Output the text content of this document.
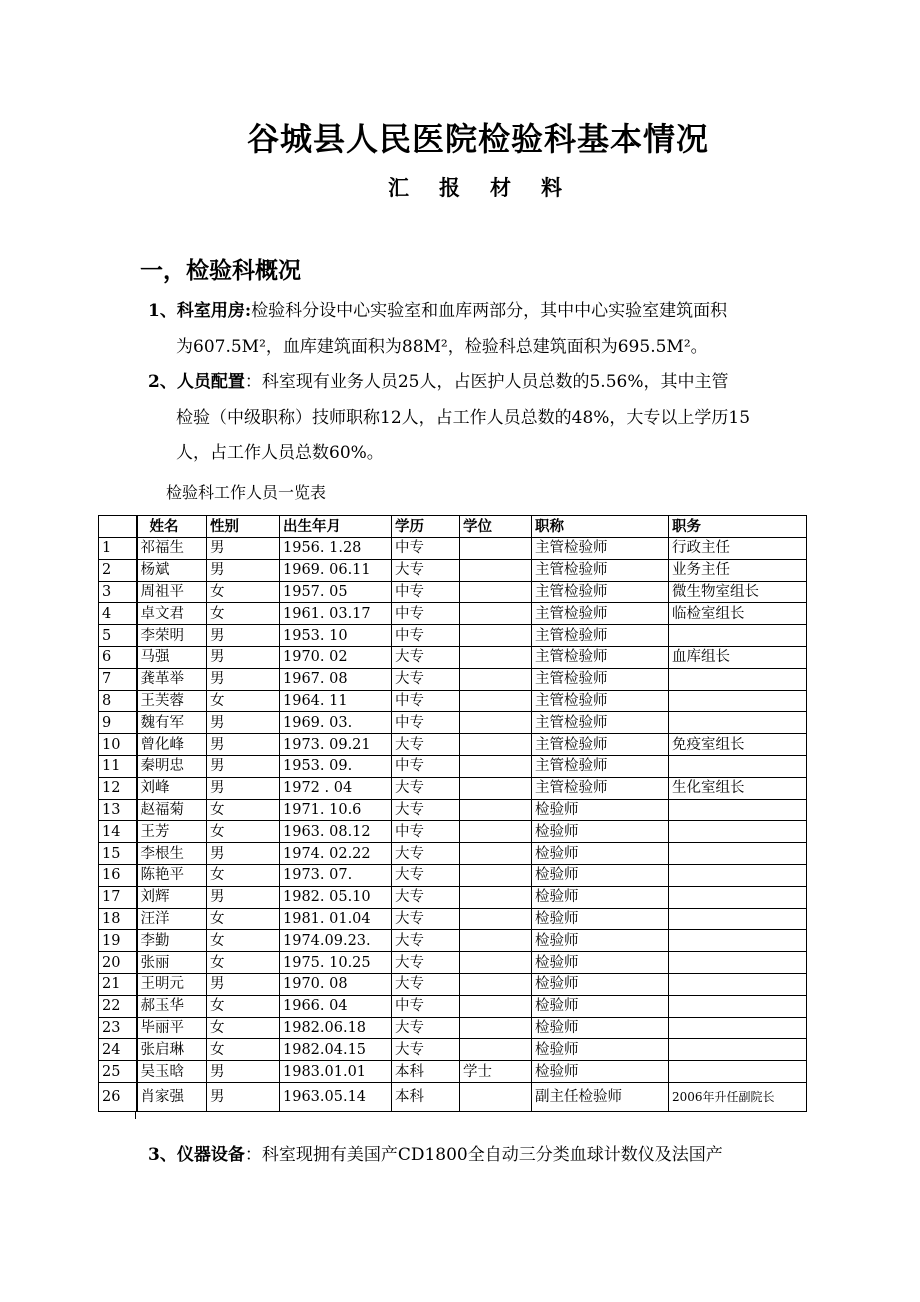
谷城县人民医院检验科基本情况
汇报材料
一，检验科概况
1、科室用房:检验科分设中心实验室和血库两部分，其中中心实验室建筑面积
为607.5M²，血库建筑面积为88M²，检验科总建筑面积为695.5M²。
2、人员配置：科室现有业务人员25人，占医护人员总数的5.56%，其中主管
检验（中级职称）技师职称12人，占工作人员总数的48%，大专以上学历15
人，占工作人员总数60%。
检验科工作人员一览表
	姓名	性别	出生年月	学历	学位	职称	职务
1	祁福生	男	1956. 1.28	中专		主管检验师	行政主任
2	杨斌	男	1969. 06.11	大专		主管检验师	业务主任
3	周祖平	女	1957. 05	中专		主管检验师	微生物室组长
4	卓文君	女	1961. 03.17	中专		主管检验师	临检室组长
5	李荣明	男	1953. 10	中专		主管检验师	
6	马强	男	1970. 02	大专		主管检验师	血库组长
7	龚革举	男	1967. 08	大专		主管检验师	
8	王芙蓉	女	1964. 11	中专		主管检验师	
9	魏有军	男	1969. 03.	中专		主管检验师	
10	曾化峰	男	1973. 09.21	大专		主管检验师	免疫室组长
11	秦明忠	男	1953. 09.	中专		主管检验师	
12	刘峰	男	1972 . 04	大专		主管检验师	生化室组长
13	赵福菊	女	1971. 10.6	大专		检验师	
14	王芳	女	1963. 08.12	中专		检验师	
15	李根生	男	1974. 02.22	大专		检验师	
16	陈艳平	女	1973. 07.	大专		检验师	
17	刘辉	男	1982. 05.10	大专		检验师	
18	汪洋	女	1981. 01.04	大专		检验师	
19	李勤	女	1974.09.23.	大专		检验师	
20	张丽	女	1975. 10.25	大专		检验师	
21	王明元	男	1970. 08	大专		检验师	
22	郝玉华	女	1966. 04	中专		检验师	
23	毕丽平	女	1982.06.18	大专		检验师	
24	张启琳	女	1982.04.15	大专		检验师	
25	吴玉晗	男	1983.01.01	本科	学士	检验师	
26	肖家强	男	1963.05.14	本科		副主任检验师	2006年升任副院长
3、仪器设备：科室现拥有美国产CD1800全自动三分类血球计数仪及法国产
